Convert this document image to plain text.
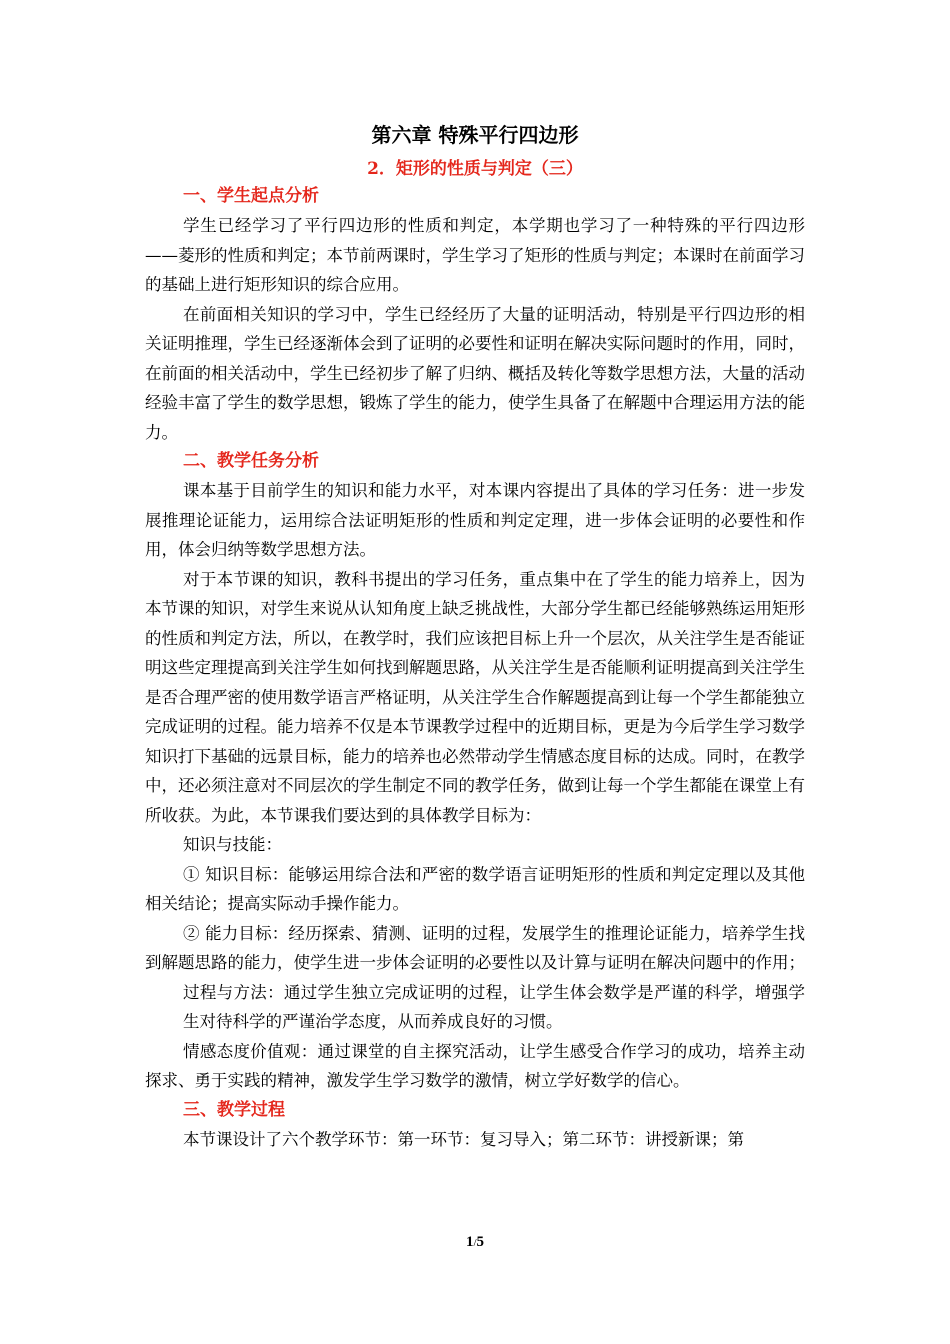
第六章 特殊平行四边形
2．矩形的性质与判定（三）
一、学生起点分析

学生已经学习了平行四边形的性质和判定，本学期也学习了一种特殊的平行四边形——菱形的性质和判定；本节前两课时，学生学习了矩形的性质与判定；本课时在前面学习的基础上进行矩形知识的综合应用。

在前面相关知识的学习中，学生已经经历了大量的证明活动，特别是平行四边形的相关证明推理，学生已经逐渐体会到了证明的必要性和证明在解决实际问题时的作用，同时，在前面的相关活动中，学生已经初步了解了归纳、概括及转化等数学思想方法，大量的活动经验丰富了学生的数学思想，锻炼了学生的能力，使学生具备了在解题中合理运用方法的能力。

二、教学任务分析

课本基于目前学生的知识和能力水平，对本课内容提出了具体的学习任务：进一步发展推理论证能力，运用综合法证明矩形的性质和判定定理，进一步体会证明的必要性和作用，体会归纳等数学思想方法。

对于本节课的知识，教科书提出的学习任务，重点集中在了学生的能力培养上，因为本节课的知识，对学生来说从认知角度上缺乏挑战性，大部分学生都已经能够熟练运用矩形的性质和判定方法，所以，在教学时，我们应该把目标上升一个层次，从关注学生是否能证明这些定理提高到关注学生如何找到解题思路，从关注学生是否能顺利证明提高到关注学生是否合理严密的使用数学语言严格证明，从关注学生合作解题提高到让每一个学生都能独立完成证明的过程。能力培养不仅是本节课教学过程中的近期目标，更是为今后学生学习数学知识打下基础的远景目标，能力的培养也必然带动学生情感态度目标的达成。同时，在教学中，还必须注意对不同层次的学生制定不同的教学任务，做到让每一个学生都能在课堂上有所收获。为此，本节课我们要达到的具体教学目标为：

知识与技能：

① 知识目标：能够运用综合法和严密的数学语言证明矩形的性质和判定定理以及其他相关结论；提高实际动手操作能力。

② 能力目标：经历探索、猜测、证明的过程，发展学生的推理论证能力，培养学生找到解题思路的能力，使学生进一步体会证明的必要性以及计算与证明在解决问题中的作用；

过程与方法：通过学生独立完成证明的过程，让学生体会数学是严谨的科学，增强学生对待科学的严谨治学态度，从而养成良好的习惯。

情感态度价值观：通过课堂的自主探究活动，让学生感受合作学习的成功，培养主动探求、勇于实践的精神，激发学生学习数学的激情，树立学好数学的信心。

三、教学过程

本节课设计了六个教学环节：第一环节：复习导入；第二环节：讲授新课；第

1/5
